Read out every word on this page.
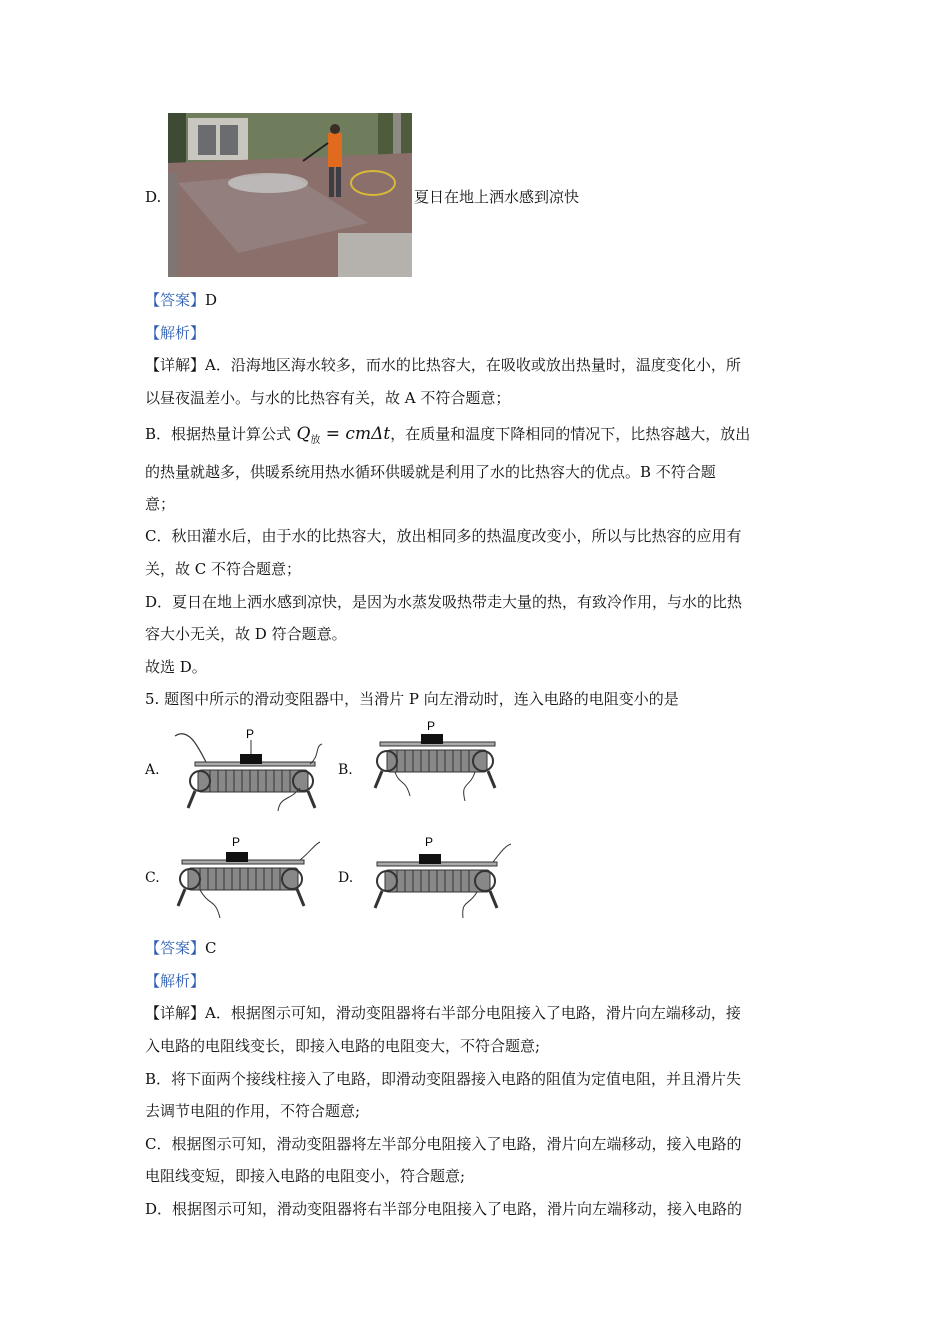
D.	夏日在地上洒水感到凉快
【答案】D
【解析】
【详解】A．沿海地区海水较多，而水的比热容大，在吸收或放出热量时，温度变化小，所
以昼夜温差小。与水的比热容有关，故 A 不符合题意；
B．根据热量计算公式 $Q_放 = cm\Delta t$，在质量和温度下降相同的情况下，比热容越大，放出
的热量就越多，供暖系统用热水循环供暖就是利用了水的比热容大的优点。B 不符合题
意；
C．秋田灌水后，由于水的比热容大，放出相同多的热温度改变小，所以与比热容的应用有
关，故 C 不符合题意；
D．夏日在地上洒水感到凉快，是因为水蒸发吸热带走大量的热，有致冷作用，与水的比热
容大小无关，故 D 符合题意。
故选 D。
5. 题图中所示的滑动变阻器中，当滑片 P 向左滑动时，连入电路的电阻变小的是
A.
P
B.
P
C.
P
D.
P
【答案】C
【解析】
【详解】A．根据图示可知，滑动变阻器将右半部分电阻接入了电路，滑片向左端移动，接
入电路的电阻线变长，即接入电路的电阻变大，不符合题意;
B．将下面两个接线柱接入了电路，即滑动变阻器接入电路的阻值为定值电阻，并且滑片失
去调节电阻的作用，不符合题意;
C．根据图示可知，滑动变阻器将左半部分电阻接入了电路，滑片向左端移动，接入电路的
电阻线变短，即接入电路的电阻变小，符合题意;
D．根据图示可知，滑动变阻器将右半部分电阻接入了电路，滑片向左端移动，接入电路的
